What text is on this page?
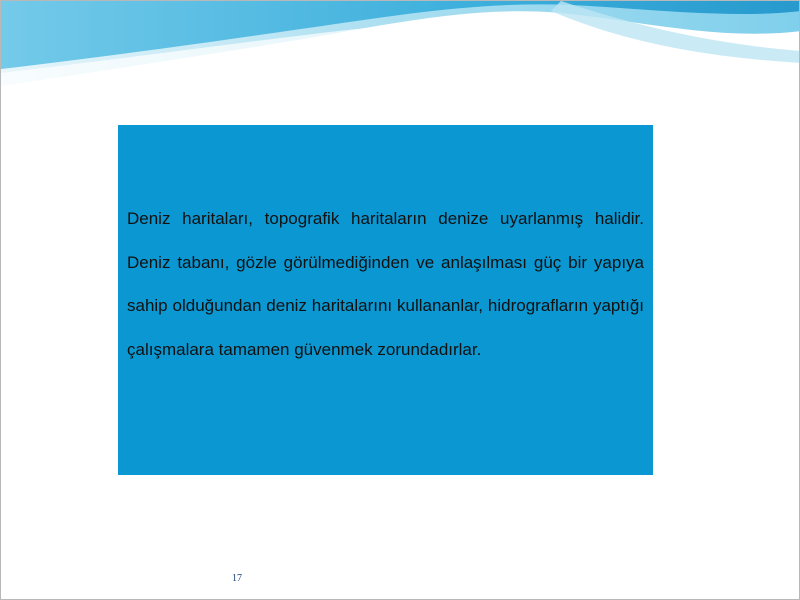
Deniz haritaları, topografik haritaların denize uyarlanmış halidir. Deniz tabanı, gözle görülmediğinden ve anlaşılması güç bir yapıya sahip olduğundan deniz haritalarını kullananlar, hidrografların yaptığı çalışmalara tamamen güvenmek zorundadırlar.

17
